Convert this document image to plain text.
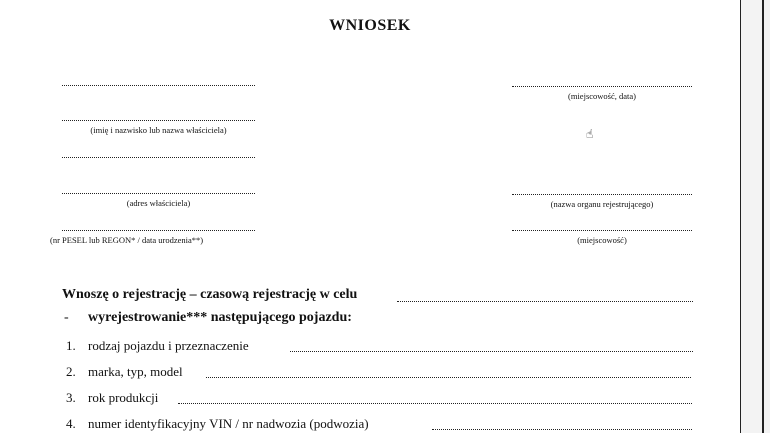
WNIOSEK
(imię i nazwisko lub nazwa właściciela)
(adres właściciela)
(nr PESEL lub REGON* / data urodzenia**)
(miejscowość, data)
☝
(nazwa organu rejestrującego)
(miejscowość)
Wnoszę o rejestrację – czasową rejestrację w celu
- wyrejestrowanie*** następującego pojazdu:
1. rodzaj pojazdu i przeznaczenie
2. marka, typ, model
3. rok produkcji
4. numer identyfikacyjny VIN / nr nadwozia (podwozia)
